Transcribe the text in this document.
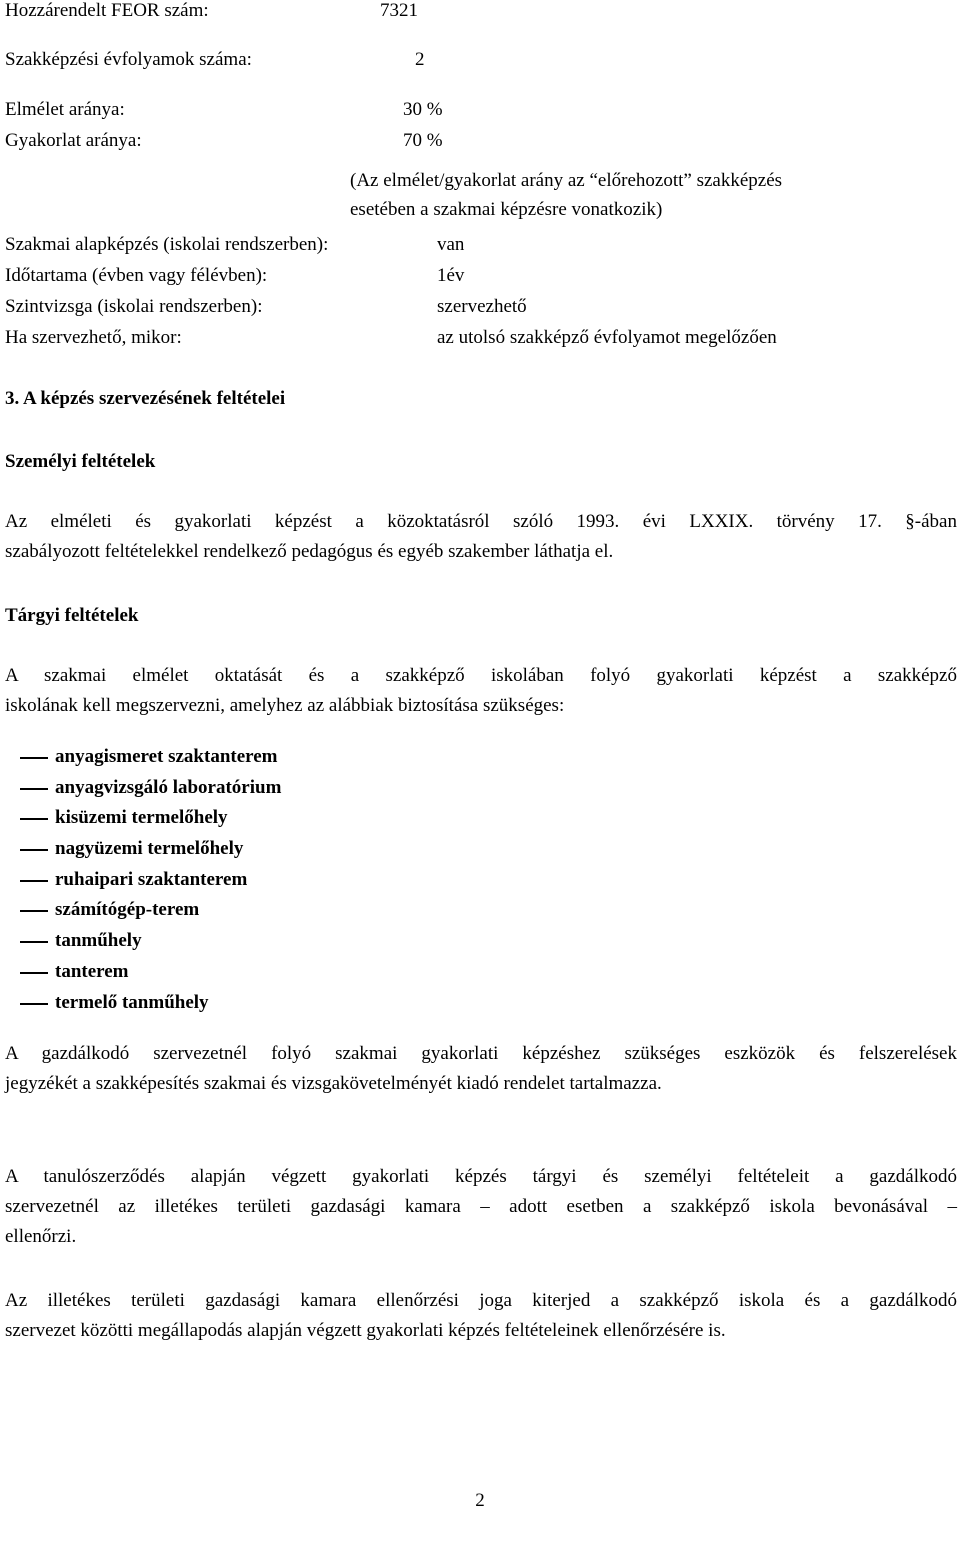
Hozzárendelt FEOR szám:	7321
Szakképzési évfolyamok száma:	2
Elmélet aránya:	30 %
Gyakorlat aránya:	70 %
(Az elmélet/gyakorlat arány az “előrehozott” szakképzés
esetében a szakmai képzésre vonatkozik)
Szakmai alapképzés (iskolai rendszerben):	van
Időtartama (évben vagy félévben):	1év
Szintvizsga (iskolai rendszerben):	szervezhető
Ha szervezhető, mikor:	az utolsó szakképző évfolyamot megelőzően
3. A képzés szervezésének feltételei
Személyi feltételek
Az elméleti és gyakorlati képzést a közoktatásról szóló 1993. évi LXXIX. törvény 17. §-ában
szabályozott feltételekkel rendelkező pedagógus és egyéb szakember láthatja el.
Tárgyi feltételek
A szakmai elmélet oktatását és a szakképző iskolában folyó gyakorlati képzést a szakképző
iskolának kell megszervezni, amelyhez az alábbiak biztosítása szükséges:
anyagismeret szaktanterem
anyagvizsgáló laboratórium
kisüzemi termelőhely
nagyüzemi termelőhely
ruhaipari szaktanterem
számítógép-terem
tanműhely
tanterem
termelő tanműhely
A gazdálkodó szervezetnél folyó szakmai gyakorlati képzéshez szükséges eszközök és felszerelések
jegyzékét a szakképesítés szakmai és vizsgakövetelményét kiadó rendelet tartalmazza.
A tanulószerződés alapján végzett gyakorlati képzés tárgyi és személyi feltételeit a gazdálkodó
szervezetnél az illetékes területi gazdasági kamara – adott esetben a szakképző iskola bevonásával –
ellenőrzi.
Az illetékes területi gazdasági kamara ellenőrzési joga kiterjed a szakképző iskola és a gazdálkodó
szervezet közötti megállapodás alapján végzett gyakorlati képzés feltételeinek ellenőrzésére is.
2
